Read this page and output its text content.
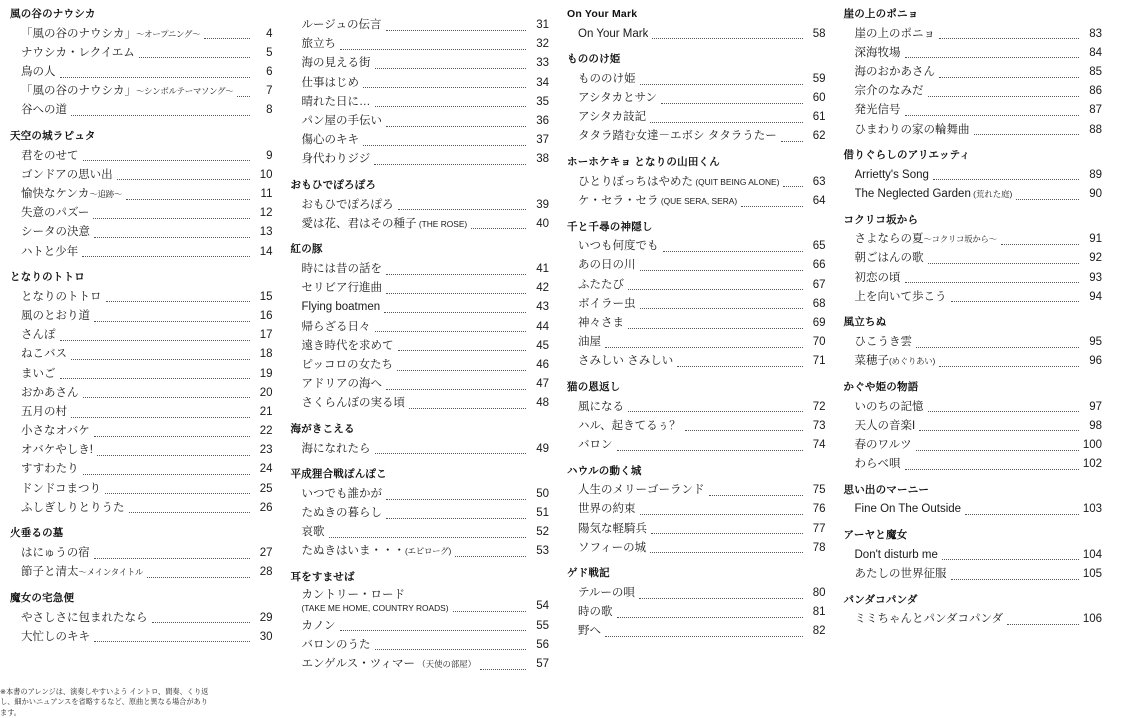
風の谷のナウシカ
「風の谷のナウシカ」～オープニング～	4
ナウシカ・レクイエム	5
鳥の人	6
「風の谷のナウシカ」～シンボルテーマソング～	7
谷への道	8
天空の城ラピュタ
君をのせて	9
ゴンドアの思い出	10
愉快なケンカ～追跡～	11
失意のパズー	12
シータの決意	13
ハトと少年	14
となりのトトロ
となりのトトロ	15
風のとおり道	16
さんぽ	17
ねこバス	18
まいご	19
おかあさん	20
五月の村	21
小さなオバケ	22
オバケやしき!	23
すすわたり	24
ドンドコまつり	25
ふしぎしりとりうた	26
火垂るの墓
はにゅうの宿	27
節子と清太～メインタイトル	28
魔女の宅急便
やさしさに包まれたなら	29
大忙しのキキ	30
ルージュの伝言	31
旅立ち	32
海の見える街	33
仕事はじめ	34
晴れた日に…	35
パン屋の手伝い	36
傷心のキキ	37
身代わりジジ	38
おもひでぽろぽろ
おもひでぽろぽろ	39
愛は花、君はその種子 (THE ROSE)	40
紅の豚
時には昔の話を	41
セリビア行進曲	42
Flying boatmen	43
帰らざる日々	44
遠き時代を求めて	45
ピッコロの女たち	46
アドリアの海へ	47
さくらんぼの実る頃	48
海がきこえる
海になれたら	49
平成狸合戦ぽんぽこ
いつでも誰かが	50
たぬきの暮らし	51
哀歌	52
たぬきはいま・・・(エピローグ)	53
耳をすませば
カントリー・ロード
(TAKE ME HOME, COUNTRY ROADS)	54
カノン	55
バロンのうた	56
エンゲルス・ツィマー （天使の部屋）	57
On Your Mark
On Your Mark	58
もののけ姫
もののけ姫	59
アシタカとサン	60
アシタカ䚳記	61
タタラ踏む女達－エボシ タタラうたー	62
ホーホケキョ となりの山田くん
ひとりぼっちはやめた (QUIT BEING ALONE)	63
ケ・セラ・セラ (QUE SERA, SERA)	64
千と千尋の神隠し
いつも何度でも	65
あの日の川	66
ふたたび	67
ボイラー虫	68
神々さま	69
油屋	70
さみしい さみしい	71
猫の恩返し
風になる	72
ハル、起きてるぅ？	73
バロン	74
ハウルの動く城
人生のメリーゴーランド	75
世界の約束	76
陽気な軽騎兵	77
ソフィーの城	78
ゲド戦記
テルーの唄	80
時の歌	81
野へ	82
崖の上のポニョ
崖の上のポニョ	83
深海牧場	84
海のおかあさん	85
宗介のなみだ	86
発光信号	87
ひまわりの家の輪舞曲	88
借りぐらしのアリエッティ
Arrietty's Song	89
The Neglected Garden (荒れた庭)	90
コクリコ坂から
さよならの夏～コクリコ坂から～	91
朝ごはんの歌	92
初恋の頃	93
上を向いて歩こう	94
風立ちぬ
ひこうき雲	95
菜穂子(めぐりあい)	96
かぐや姫の物語
いのちの記憶	97
天人の音楽I	98
春のワルツ	100
わらべ唄	102
思い出のマーニー
Fine On The Outside	103
アーヤと魔女
Don't disturb me	104
あたしの世界征服	105
パンダコパンダ
ミミちゃんとパンダコパンダ	106
※本書のアレンジは、演奏しやすいよう イントロ、間奏、くり返し、細かいニュアンスを省略するなど、原曲と異なる場合があります。
